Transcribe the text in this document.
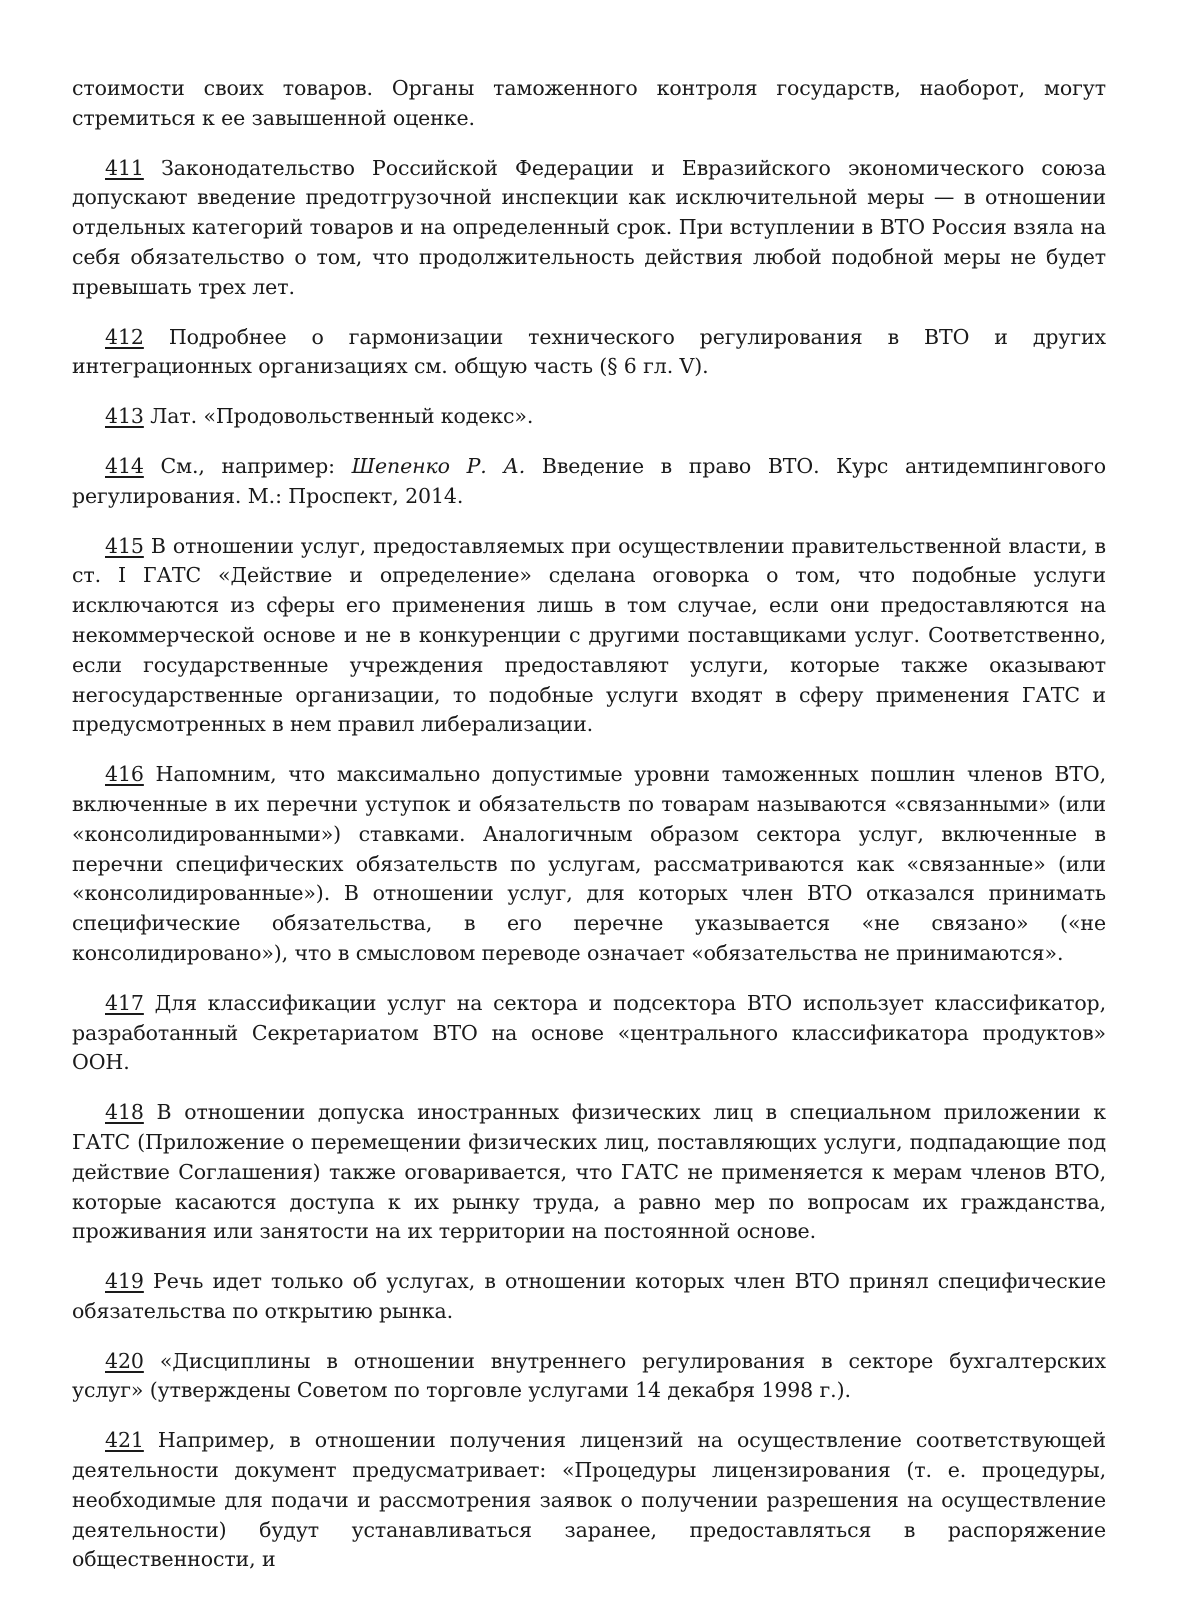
стоимости своих товаров. Органы таможенного контроля государств, наоборот, могут стремиться к ее завышенной оценке.

411 Законодательство Российской Федерации и Евразийского экономического союза допускают введение предотгрузочной инспекции как исключительной меры — в отношении отдельных категорий товаров и на определенный срок. При вступлении в ВТО Россия взяла на себя обязательство о том, что продолжительность действия любой подобной меры не будет превышать трех лет.

412 Подробнее о гармонизации технического регулирования в ВТО и других интеграционных организациях см. общую часть (§ 6 гл. V).

413 Лат. «Продовольственный кодекс».

414 См., например: Шепенко Р. А. Введение в право ВТО. Курс антидемпингового регулирования. М.: Проспект, 2014.

415 В отношении услуг, предоставляемых при осуществлении правительственной власти, в ст. I ГАТС «Действие и определение» сделана оговорка о том, что подобные услуги исключаются из сферы его применения лишь в том случае, если они предоставляются на некоммерческой основе и не в конкуренции с другими поставщиками услуг. Соответственно, если государственные учреждения предоставляют услуги, которые также оказывают негосударственные организации, то подобные услуги входят в сферу применения ГАТС и предусмотренных в нем правил либерализации.

416 Напомним, что максимально допустимые уровни таможенных пошлин членов ВТО, включенные в их перечни уступок и обязательств по товарам называются «связанными» (или «консолидированными») ставками. Аналогичным образом сектора услуг, включенные в перечни специфических обязательств по услугам, рассматриваются как «связанные» (или «консолидированные»). В отношении услуг, для которых член ВТО отказался принимать специфические обязательства, в его перечне указывается «не связано» («не консолидировано»), что в смысловом переводе означает «обязательства не принимаются».

417 Для классификации услуг на сектора и подсектора ВТО использует классификатор, разработанный Секретариатом ВТО на основе «центрального классификатора продуктов» ООН.

418 В отношении допуска иностранных физических лиц в специальном приложении к ГАТС (Приложение о перемещении физических лиц, поставляющих услуги, подпадающие под действие Соглашения) также оговаривается, что ГАТС не применяется к мерам членов ВТО, которые касаются доступа к их рынку труда, а равно мер по вопросам их гражданства, проживания или занятости на их территории на постоянной основе.

419 Речь идет только об услугах, в отношении которых член ВТО принял специфические обязательства по открытию рынка.

420 «Дисциплины в отношении внутреннего регулирования в секторе бухгалтерских услуг» (утверждены Советом по торговле услугами 14 декабря 1998 г.).

421 Например, в отношении получения лицензий на осуществление соответствующей деятельности документ предусматривает: «Процедуры лицензирования (т. е. процедуры, необходимые для подачи и рассмотрения заявок о получении разрешения на осуществление деятельности) будут устанавливаться заранее, предоставляться в распоряжение общественности, и
